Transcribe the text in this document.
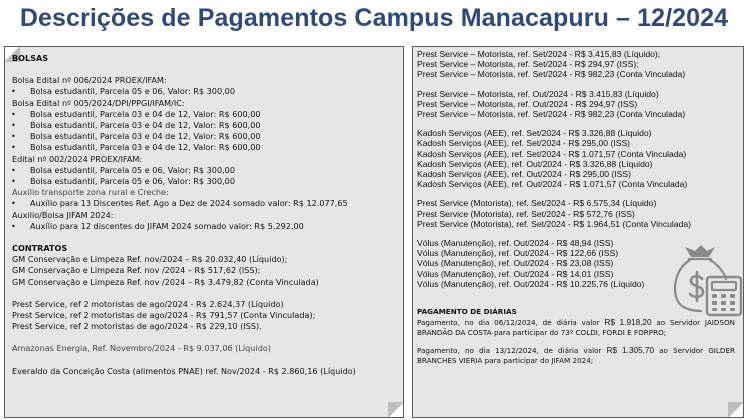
Descrições de Pagamentos Campus Manacapuru – 12/2024
BOLSAS
Bolsa Edital nº 006/2024 PROEX/IFAM:
• Bolsa estudantil, Parcela 05 e 06, Valor: R$ 300,00
Bolsa Edital nº 005/2024/DPI/PPGI/IFAM/IC:
• Bolsa estudantil, Parcela 03 e 04 de 12, Valor: R$ 600,00
• Bolsa estudantil, Parcela 03 e 04 de 12, Valor: R$ 600,00
• Bolsa estudantil, Parcela 03 e 04 de 12, Valor: R$ 600,00
• Bolsa estudantil, Parcela 03 e 04 de 12, Valor: R$ 600,00
Edital nº 002/2024 PROEX/IFAM:
• Bolsa estudantil, Parcela 05 e 06, Valor: R$ 300,00
• Bolsa estudantil, Parcela 05 e 06, Valor: R$ 300,00
Auxilio transporte zona rural e Creche:
• Auxílio para 13 Discentes Ref. Ago a Dez de 2024 somado valor: R$ 12.077,65
Auxilio/Bolsa JIFAM 2024:
• Auxílio para 12 discentes do JIFAM 2024 somado valor: R$ 5.292,00
CONTRATOS
GM Conservação e Limpeza Ref. nov/2024 – R$ 20.032,40 (Líquido);
GM Conservação e Limpeza Ref. nov /2024 – R$ 517,62 (ISS);
GM Conservação e Limpeza Ref. nov /2024 – R$ 3.479,82 (Conta Vinculada)
Prest Service, ref 2 motoristas de ago/2024 - R$ 2.624,37 (Líquido)
Prest Service, ref 2 motoristas de ago/2024 - R$ 791,57 (Conta Vinculada);
Prest Service, ref 2 motoristas de ago/2024 - R$ 229,10 (ISS).
Amazonas Energia, Ref. Novembro/2024 - R$ 9.037,06 (Líquido)
Everaldo da Conceição Costa (alimentos PNAE) ref. Nov/2024 - R$ 2.860,16 (Líquido)
Prest Service – Motorista, ref. Set/2024 - R$ 3.415,83 (Líquido);
Prest Service – Motorista, ref. Set/2024 - R$ 294,97 (ISS);
Prest Service – Motorista, ref. Set/2024 - R$ 982,23 (Conta Vinculada)
Prest Service – Motorista, ref. Out/2024 - R$ 3.415,83 (Líquido)
Prest Service – Motorista, ref. Out/2024 - R$ 294,97 (ISS)
Prest Service – Motorista, ref. Set/2024 - R$ 982,23 (Conta Vinculada)
Kadosh Serviços (AEE), ref. Set/2024 - R$ 3.326,88 (Líquido)
Kadosh Serviços (AEE), ref. Set/2024 - R$ 295,00 (ISS)
Kadosh Serviços (AEE), ref. Set/2024 - R$ 1.071,57 (Conta Vinculada)
Kadosh Serviços (AEE), ref. Out/2024 - R$ 3.326,88 (Líquido)
Kadosh Serviços (AEE), ref. Out/2024 - R$ 295,00 (ISS)
Kadosh Serviços (AEE), ref. Out/2024 - R$ 1.071,57 (Conta Vinculada)
Prest Service (Motorista), ref. Set/2024 - R$ 6.575,34 (Líquido)
Prest Service (Motorista), ref. Set/2024 - R$ 572,76 (ISS)
Prest Service (Motorista), ref. Set/2024 - R$ 1.964,51 (Conta Vinculada)
Vólus (Manutenção), ref. Out/2024 - R$ 48,94 (ISS)
Vólus (Manutenção), ref. Out/2024 - R$ 122,66 (ISS)
Vólus (Manutenção), ref. Out/2024 - R$ 23,08 (ISS)
Vólus (Manutenção), ref. Out/2024 - R$ 14,01 (ISS)
Vólus (Manutenção), ref. Out/2024 - R$ 10.225,76 (Líquido)
PAGAMENTO DE DIÁRIAS
Pagamento, no dia 06/12/2024, de diária valor R$ 1.918,20 ao Servidor JAIDSON BRANDÃO DA COSTA para participar do 73º COLDI, FORDI E FORPRO;
Pagamento, no dia 13/12/2024, de diária valor R$ 1.305,70 ao Servidor GILDER BRANCHES VIERIA para participar do JIFAM 2024;
